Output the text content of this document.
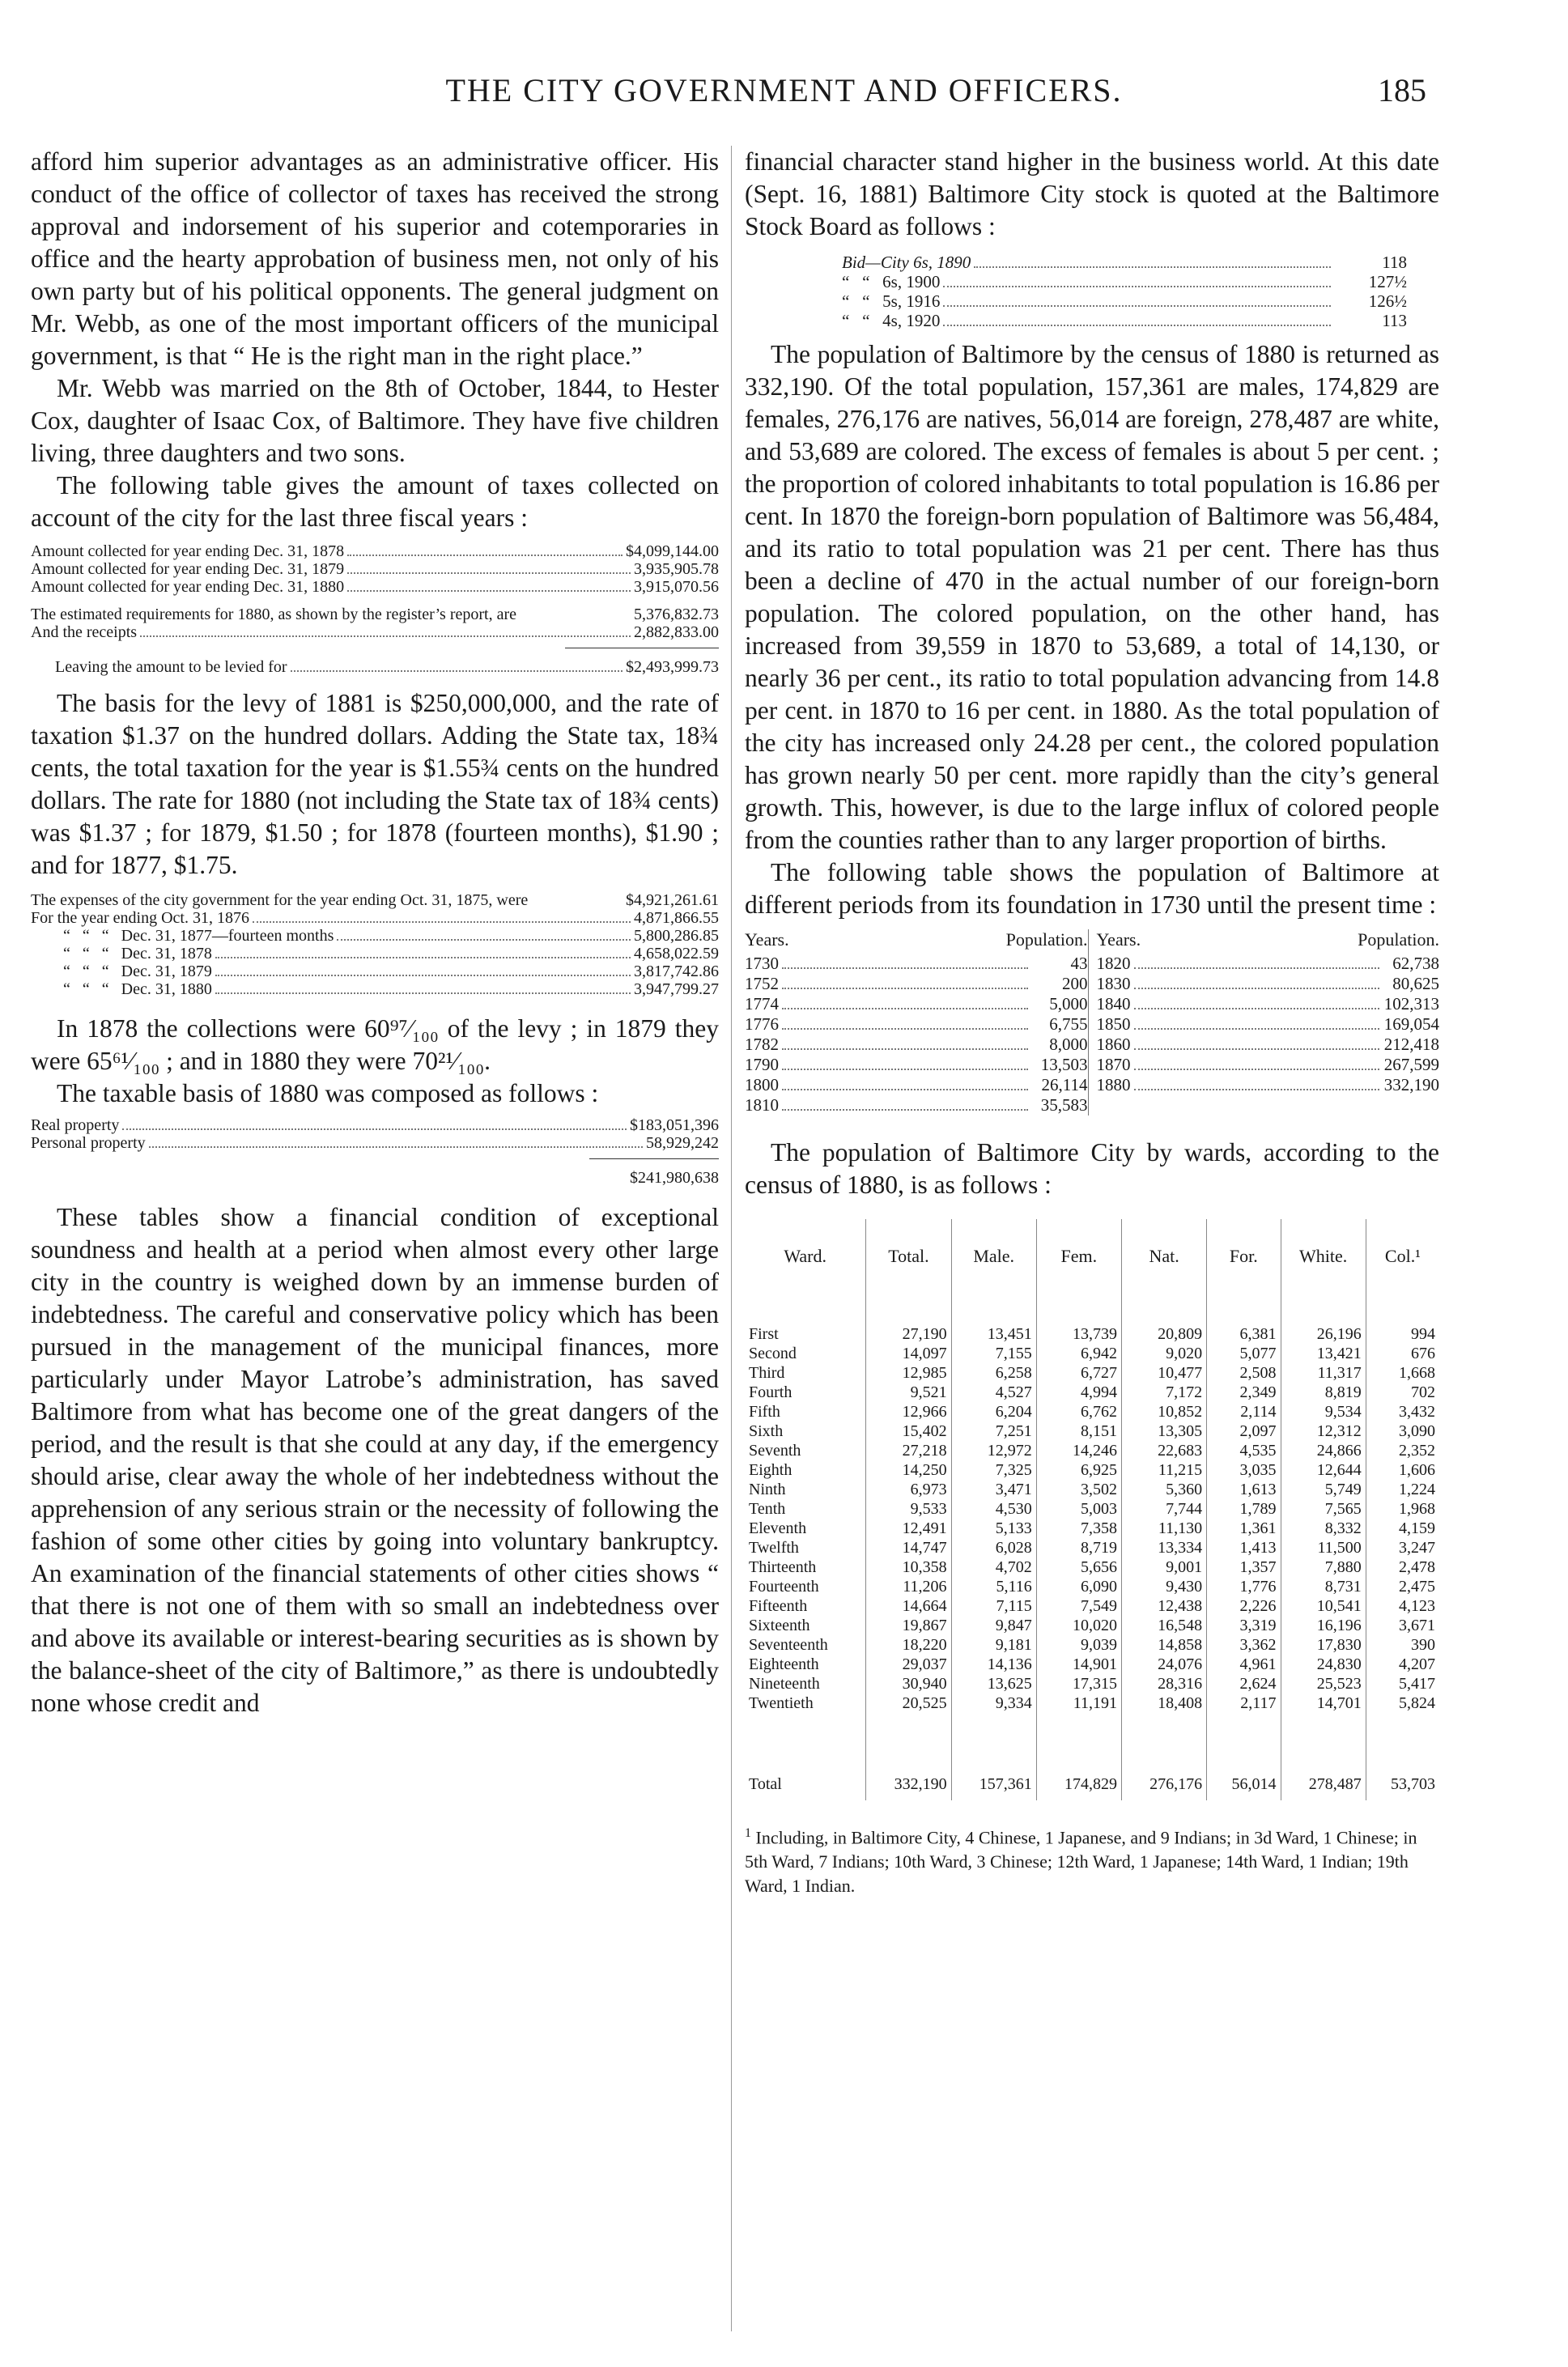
THE CITY GOVERNMENT AND OFFICERS.	185

afford him superior advantages as an administrative officer. His conduct of the office of collector of taxes has received the strong approval and indorsement of his superior and cotemporaries in office and the hearty approbation of business men, not only of his own party but of his political opponents. The general judgment on Mr. Webb, as one of the most important officers of the municipal government, is that “ He is the right man in the right place.”

Mr. Webb was married on the 8th of October, 1844, to Hester Cox, daughter of Isaac Cox, of Baltimore. They have five children living, three daughters and two sons.

The following table gives the amount of taxes collected on account of the city for the last three fiscal years :

Amount collected for year ending Dec. 31, 1878	$4,099,144.00
Amount collected for year ending Dec. 31, 1879	3,935,905.78
Amount collected for year ending Dec. 31, 1880	3,915,070.56
The estimated requirements for 1880, as shown by the register’s report, are	5,376,832.73
And the receipts	2,882,833.00
Leaving the amount to be levied for	$2,493,999.73

The basis for the levy of 1881 is $250,000,000, and the rate of taxation $1.37 on the hundred dollars. Adding the State tax, 18¾ cents, the total taxation for the year is $1.55¾ cents on the hundred dollars. The rate for 1880 (not including the State tax of 18¾ cents) was $1.37 ; for 1879, $1.50 ; for 1878 (fourteen months), $1.90 ; and for 1877, $1.75.

The expenses of the city government for the year ending Oct. 31, 1875, were	$4,921,261.61
For the year ending Oct. 31, 1876	4,871,866.55
“   “   “   Dec. 31, 1877—fourteen months	5,800,286.85
“   “   “   Dec. 31, 1878	4,658,022.59
“   “   “   Dec. 31, 1879	3,817,742.86
“   “   “   Dec. 31, 1880	3,947,799.27

In 1878 the collections were 60⁹⁷⁄₁₀₀ of the levy ; in 1879 they were 65⁶¹⁄₁₀₀ ; and in 1880 they were 70²¹⁄₁₀₀.

The taxable basis of 1880 was composed as follows :

Real property	$183,051,396
Personal property	58,929,242
$241,980,638

These tables show a financial condition of exceptional soundness and health at a period when almost every other large city in the country is weighed down by an immense burden of indebtedness. The careful and conservative policy which has been pursued in the management of the municipal finances, more particularly under Mayor Latrobe’s administration, has saved Baltimore from what has become one of the great dangers of the period, and the result is that she could at any day, if the emergency should arise, clear away the whole of her indebtedness without the apprehension of any serious strain or the necessity of following the fashion of some other cities by going into voluntary bankruptcy. An examination of the financial statements of other cities shows “ that there is not one of them with so small an indebtedness over and above its available or interest-bearing securities as is shown by the balance-sheet of the city of Baltimore,” as there is undoubtedly none whose credit and

financial character stand higher in the business world. At this date (Sept. 16, 1881) Baltimore City stock is quoted at the Baltimore Stock Board as follows :

Bid—City 6s, 1890	118
“   “   6s, 1900	127½
“   “   5s, 1916	126½
“   “   4s, 1920	113

The population of Baltimore by the census of 1880 is returned as 332,190. Of the total population, 157,361 are males, 174,829 are females, 276,176 are natives, 56,014 are foreign, 278,487 are white, and 53,689 are colored. The excess of females is about 5 per cent. ; the proportion of colored inhabitants to total population is 16.86 per cent. In 1870 the foreign-born population of Baltimore was 56,484, and its ratio to total population was 21 per cent. There has thus been a decline of 470 in the actual number of our foreign-born population. The colored population, on the other hand, has increased from 39,559 in 1870 to 53,689, a total of 14,130, or nearly 36 per cent., its ratio to total population advancing from 14.8 per cent. in 1870 to 16 per cent. in 1880. As the total population of the city has increased only 24.28 per cent., the colored population has grown nearly 50 per cent. more rapidly than the city’s general growth. This, however, is due to the large influx of colored people from the counties rather than to any larger proportion of births.

The following table shows the population of Baltimore at different periods from its foundation in 1730 until the present time :

Years.	Population.
1730	43
1752	200
1774	5,000
1776	6,755
1782	8,000
1790	13,503
1800	26,114
1810	35,583
Years.	Population.
1820	62,738
1830	80,625
1840	102,313
1850	169,054
1860	212,418
1870	267,599
1880	332,190

The population of Baltimore City by wards, according to the census of 1880, is as follows :

Ward.	Total.	Male.	Fem.	Nat.	For.	White.	Col.¹

First	27,190	13,451	13,739	20,809	6,381	26,196	994
Second	14,097	7,155	6,942	9,020	5,077	13,421	676
Third	12,985	6,258	6,727	10,477	2,508	11,317	1,668
Fourth	9,521	4,527	4,994	7,172	2,349	8,819	702
Fifth	12,966	6,204	6,762	10,852	2,114	9,534	3,432
Sixth	15,402	7,251	8,151	13,305	2,097	12,312	3,090
Seventh	27,218	12,972	14,246	22,683	4,535	24,866	2,352
Eighth	14,250	7,325	6,925	11,215	3,035	12,644	1,606
Ninth	6,973	3,471	3,502	5,360	1,613	5,749	1,224
Tenth	9,533	4,530	5,003	7,744	1,789	7,565	1,968
Eleventh	12,491	5,133	7,358	11,130	1,361	8,332	4,159
Twelfth	14,747	6,028	8,719	13,334	1,413	11,500	3,247
Thirteenth	10,358	4,702	5,656	9,001	1,357	7,880	2,478
Fourteenth	11,206	5,116	6,090	9,430	1,776	8,731	2,475
Fifteenth	14,664	7,115	7,549	12,438	2,226	10,541	4,123
Sixteenth	19,867	9,847	10,020	16,548	3,319	16,196	3,671
Seventeenth	18,220	9,181	9,039	14,858	3,362	17,830	390
Eighteenth	29,037	14,136	14,901	24,076	4,961	24,830	4,207
Nineteenth	30,940	13,625	17,315	28,316	2,624	25,523	5,417
Twentieth	20,525	9,334	11,191	18,408	2,117	14,701	5,824

Total	332,190	157,361	174,829	276,176	56,014	278,487	53,703
$^1$ Including, in Baltimore City, 4 Chinese, 1 Japanese, and 9 Indians; in 3d Ward, 1 Chinese; in 5th Ward, 7 Indians; 10th Ward, 3 Chinese; 12th Ward, 1 Japanese; 14th Ward, 1 Indian; 19th Ward, 1 Indian.
